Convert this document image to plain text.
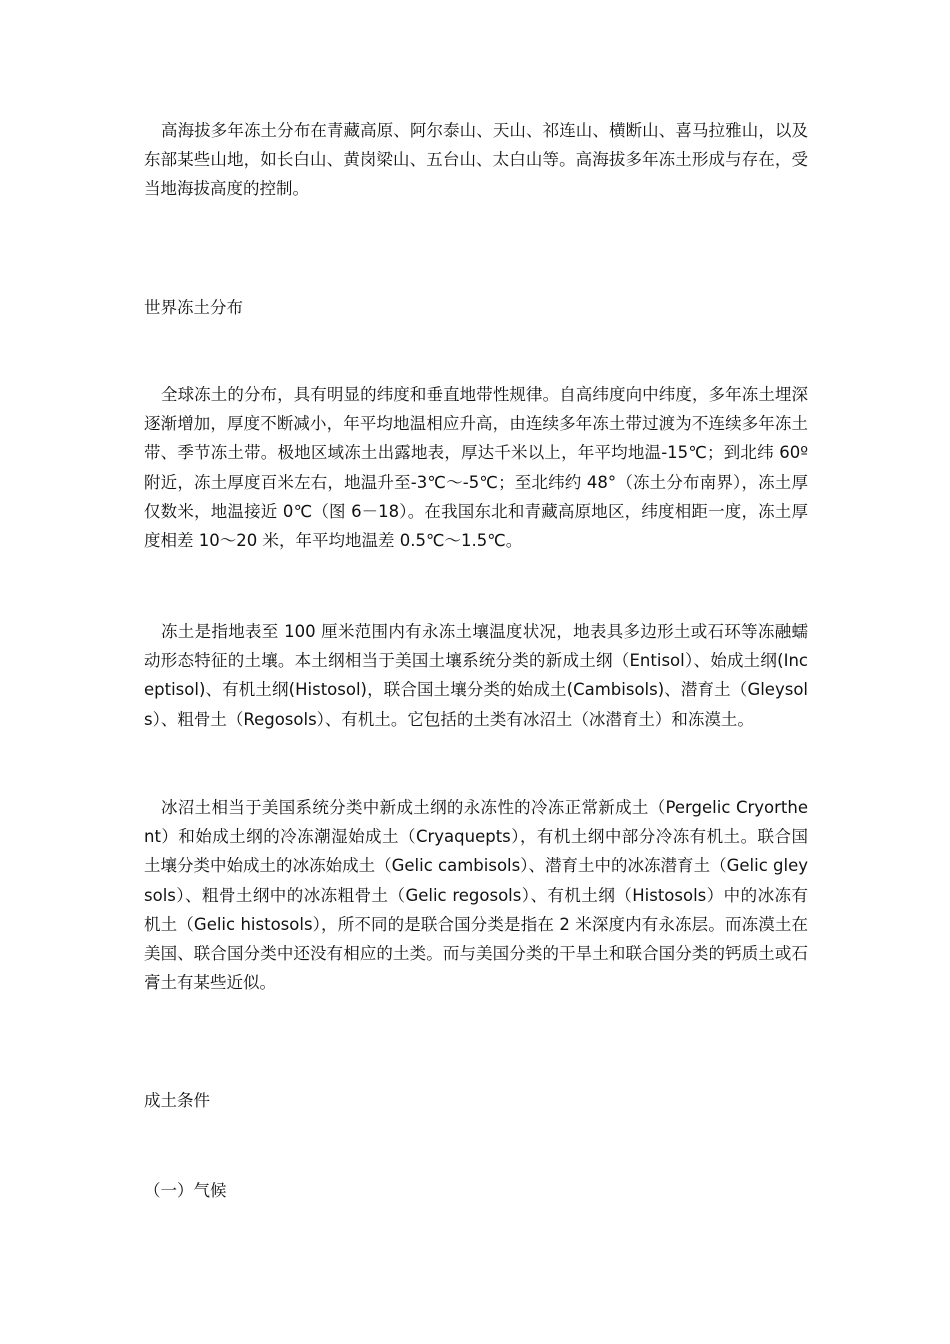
高海拔多年冻土分布在青藏高原、阿尔泰山、天山、祁连山、横断山、喜马拉雅山，以及东部某些山地，如长白山、黄岗梁山、五台山、太白山等。高海拔多年冻土形成与存在，受当地海拔高度的控制。

世界冻土分布

全球冻土的分布，具有明显的纬度和垂直地带性规律。自高纬度向中纬度，多年冻土埋深逐渐增加，厚度不断减小，年平均地温相应升高，由连续多年冻土带过渡为不连续多年冻土带、季节冻土带。极地区域冻土出露地表，厚达千米以上，年平均地温-15℃；到北纬 60º附近，冻土厚度百米左右，地温升至-3℃～-5℃；至北纬约 48°（冻土分布南界），冻土厚仅数米，地温接近 0℃（图 6－18）。在我国东北和青藏高原地区，纬度相距一度，冻土厚度相差 10～20 米，年平均地温差 0.5℃～1.5℃。

冻土是指地表至 100 厘米范围内有永冻土壤温度状况，地表具多边形土或石环等冻融蠕动形态特征的土壤。本土纲相当于美国土壤系统分类的新成土纲（Entisol）、始成土纲(Inceptisol)、有机土纲(Histosol)，联合国土壤分类的始成土(Cambisols)、潜育土（Gleysols）、粗骨土（Regosols）、有机土。它包括的土类有冰沼土（冰潜育土）和冻漠土。

冰沼土相当于美国系统分类中新成土纲的永冻性的冷冻正常新成土（Pergelic Cryorthent）和始成土纲的冷冻潮湿始成土（Cryaquepts），有机土纲中部分冷冻有机土。联合国土壤分类中始成土的冰冻始成土（Gelic cambisols）、潜育土中的冰冻潜育土（Gelic gleysols）、粗骨土纲中的冰冻粗骨土（Gelic regosols）、有机土纲（Histosols）中的冰冻有机土（Gelic histosols），所不同的是联合国分类是指在 2 米深度内有永冻层。而冻漠土在美国、联合国分类中还没有相应的土类。而与美国分类的干旱土和联合国分类的钙质土或石膏土有某些近似。

成土条件

（一）气候
